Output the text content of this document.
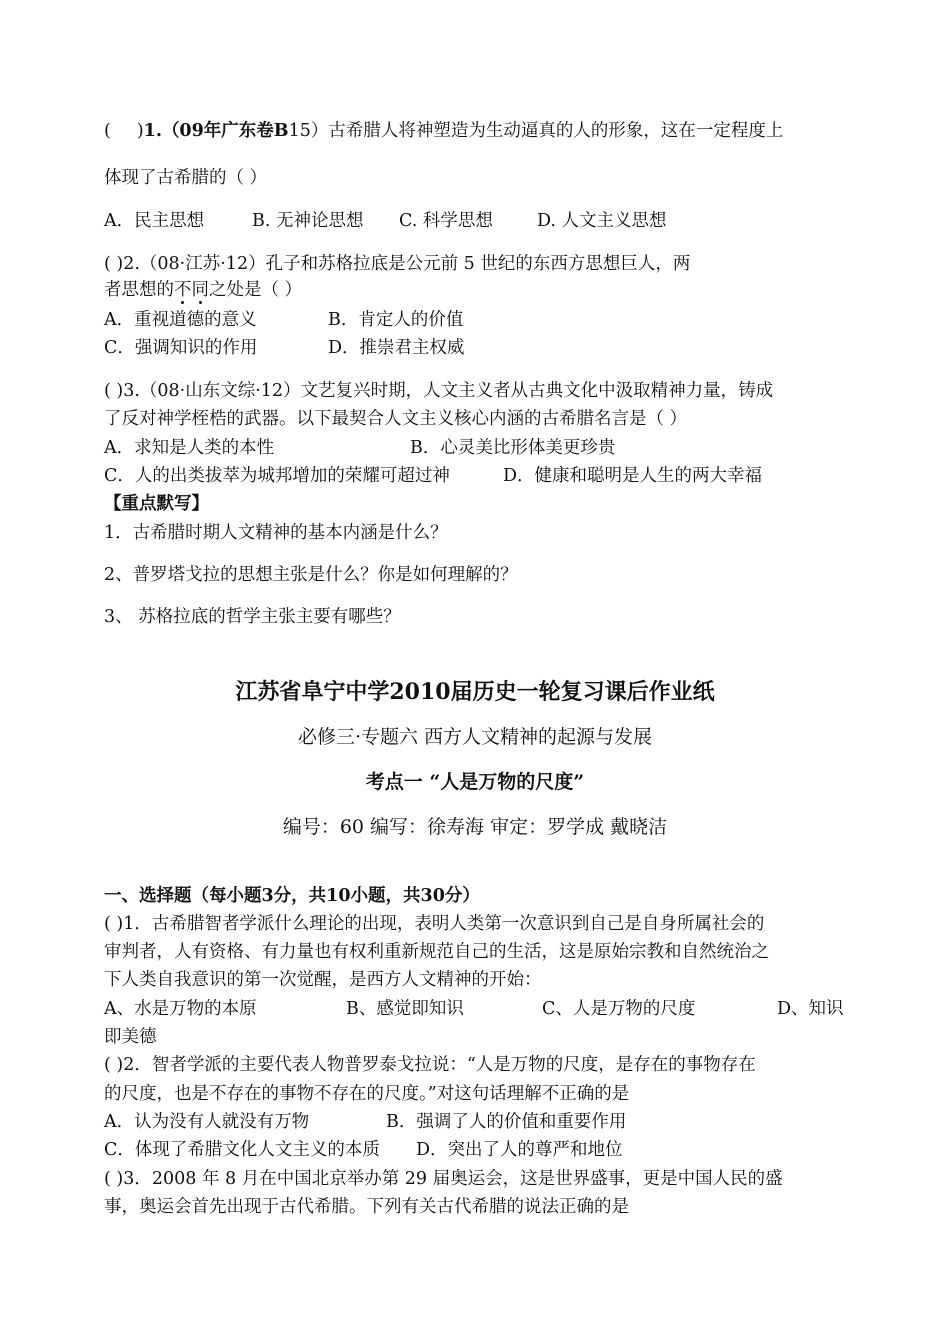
( )1.（09年广东卷B15）古希腊人将神塑造为生动逼真的人的形象，这在一定程度上
体现了古希腊的（ ）
A．民主思想	B. 无神论思想 C. 科学思想	D. 人文主义思想
( )2.（08·江苏·12）孔子和苏格拉底是公元前 5 世纪的东西方思想巨人，两
者思想的不同之处是（ ）
A．重视道德的意义	B．肯定人的价值
C．强调知识的作用	D．推崇君主权威
( )3.（08·山东文综·12）文艺复兴时期，人文主义者从古典文化中汲取精神力量，铸成
了反对神学桎梏的武器。以下最契合人文主义核心内涵的古希腊名言是（ ）
A．求知是人类的本性	B．心灵美比形体美更珍贵
C．人的出类拔萃为城邦增加的荣耀可超过神	D．健康和聪明是人生的两大幸福
【重点默写】
1．古希腊时期人文精神的基本内涵是什么？
2、普罗塔戈拉的思想主张是什么？你是如何理解的？
3、 苏格拉底的哲学主张主要有哪些？
江苏省阜宁中学2010届历史一轮复习课后作业纸
必修三·专题六 西方人文精神的起源与发展
考点一 “人是万物的尺度”
编号：60 编写：徐寿海 审定：罗学成 戴晓洁
一、选择题（每小题3分，共10小题，共30分）
( )1．古希腊智者学派什么理论的出现，表明人类第一次意识到自己是自身所属社会的
审判者，人有资格、有力量也有权利重新规范自己的生活，这是原始宗教和自然统治之
下人类自我意识的第一次觉醒，是西方人文精神的开始：
A、水是万物的本原	B、感觉即知识	C、人是万物的尺度	D、知识
即美德
( )2．智者学派的主要代表人物普罗泰戈拉说：“人是万物的尺度，是存在的事物存在
的尺度，也是不存在的事物不存在的尺度。”对这句话理解不正确的是
A．认为没有人就没有万物	B．强调了人的价值和重要作用
C．体现了希腊文化人文主义的本质 D．突出了人的尊严和地位
( )3．2008 年 8 月在中国北京举办第 29 届奥运会，这是世界盛事，更是中国人民的盛
事，奥运会首先出现于古代希腊。下列有关古代希腊的说法正确的是
